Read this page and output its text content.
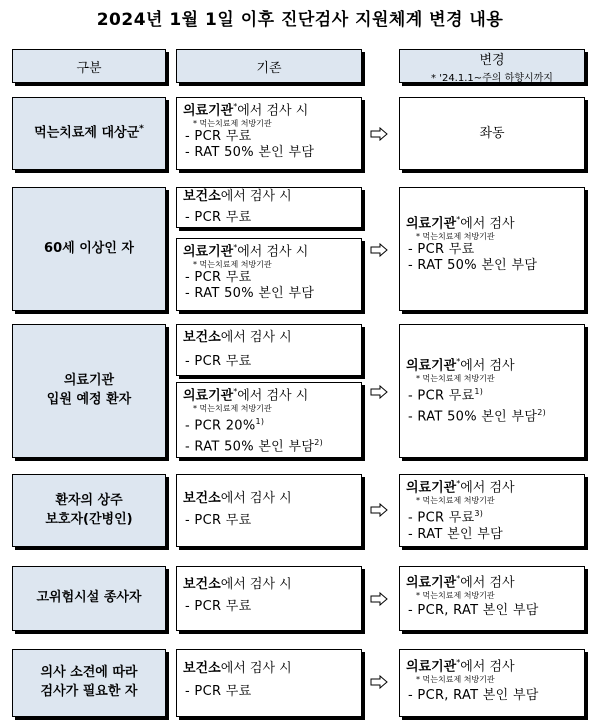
2024년 1월 1일 이후 진단검사 지원체계 변경 내용
구분	기존
변경
* '24.1.1~주의 하향시까지
먹는치료제 대상군*
의료기관*에서 검사 시
* 먹는치료제 처방기관
- PCR 무료
- RAT 50% 본인 부담
좌동
60세 이상인 자
보건소에서 검사 시
- PCR 무료
의료기관*에서 검사 시
* 먹는치료제 처방기관
- PCR 무료
- RAT 50% 본인 부담
의료기관*에서 검사
* 먹는치료제 처방기관
- PCR 무료
- RAT 50% 본인 부담
의료기관
입원 예정 환자
보건소에서 검사 시
- PCR 무료
의료기관*에서 검사 시
* 먹는치료제 처방기관
- PCR 20%$^{1)}$
- RAT 50% 본인 부담$^{2)}$
의료기관*에서 검사
* 먹는치료제 처방기관
- PCR 무료$^{1)}$
- RAT 50% 본인 부담$^{2)}$
환자의 상주
보호자(간병인)
보건소에서 검사 시
- PCR 무료
의료기관*에서 검사
* 먹는치료제 처방기관
- PCR 무료$^{3)}$
- RAT 본인 부담
고위험시설 종사자
보건소에서 검사 시
- PCR 무료
의료기관*에서 검사
* 먹는치료제 처방기관
- PCR, RAT 본인 부담
의사 소견에 따라
검사가 필요한 자
보건소에서 검사 시
- PCR 무료
의료기관*에서 검사
* 먹는치료제 처방기관
- PCR, RAT 본인 부담
